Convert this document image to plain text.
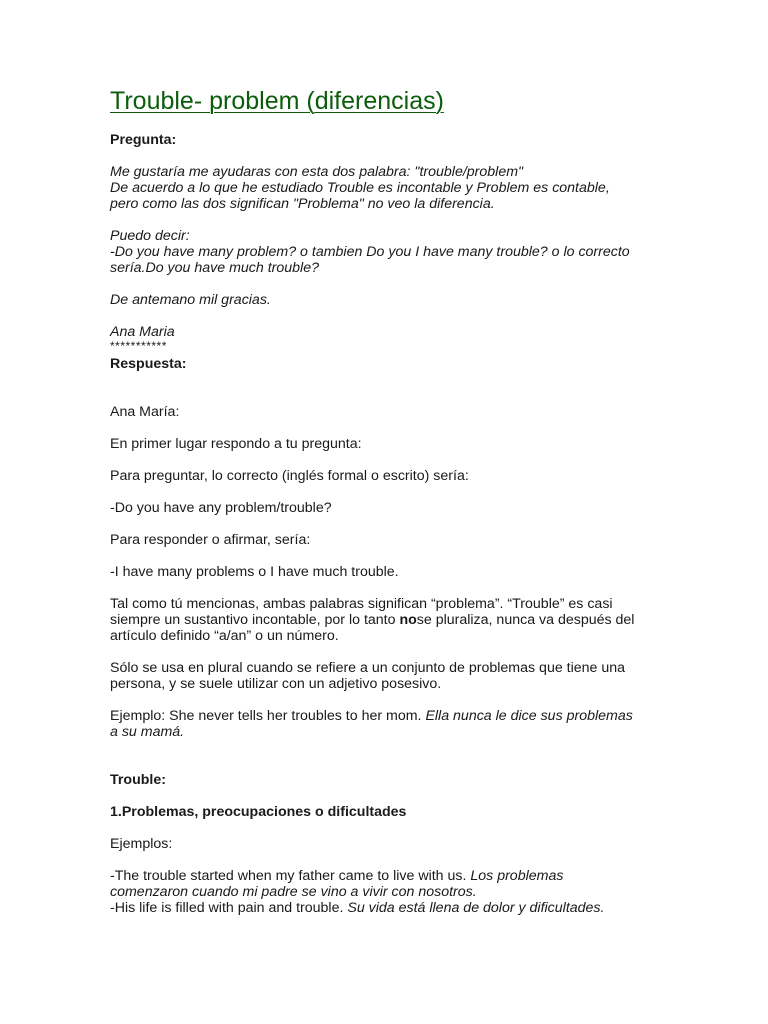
Trouble- problem (diferencias)

Pregunta:

Me gustaría me ayudaras con esta dos palabra: "trouble/problem"

De acuerdo a lo que he estudiado Trouble es incontable y Problem es contable,

pero como las dos significan "Problema" no veo la diferencia.

Puedo decir:

-Do you have many problem? o tambien Do you I have many trouble? o lo correcto

sería.Do you have much trouble?

De antemano mil gracias.

Ana Maria

***********

Respuesta:

Ana María:

En primer lugar respondo a tu pregunta:

Para preguntar, lo correcto (inglés formal o escrito) sería:

-Do you have any problem/trouble?

Para responder o afirmar, sería:

-I have many problems o I have much trouble.

Tal como tú mencionas, ambas palabras significan “problema”. “Trouble” es casi

siempre un sustantivo incontable, por lo tanto nose pluraliza, nunca va después del

artículo definido “a/an” o un número.

Sólo se usa en plural cuando se refiere a un conjunto de problemas que tiene una

persona, y se suele utilizar con un adjetivo posesivo.

Ejemplo: She never tells her troubles to her mom. Ella nunca le dice sus problemas

a su mamá.

Trouble:

1.Problemas, preocupaciones o dificultades

Ejemplos:

-The trouble started when my father came to live with us. Los problemas

comenzaron cuando mi padre se vino a vivir con nosotros.

-His life is filled with pain and trouble. Su vida está llena de dolor y dificultades.
